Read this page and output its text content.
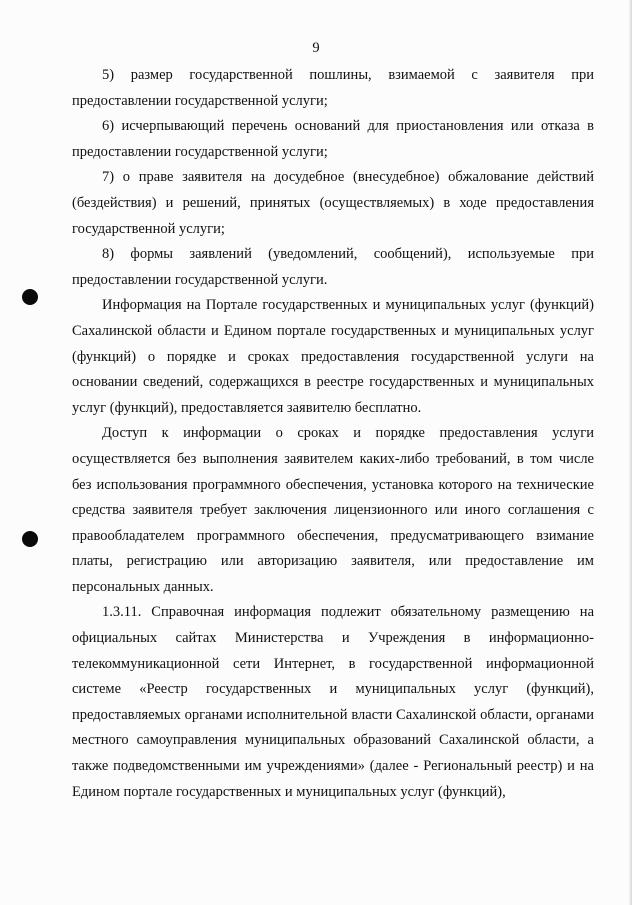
9

5) размер государственной пошлины, взимаемой с заявителя при предоставлении государственной услуги;

6) исчерпывающий перечень оснований для приостановления или отказа в предоставлении государственной услуги;

7) о праве заявителя на досудебное (внесудебное) обжалование действий (бездействия) и решений, принятых (осуществляемых) в ходе предоставления государственной услуги;

8) формы заявлений (уведомлений, сообщений), используемые при предоставлении государственной услуги.

Информация на Портале государственных и муниципальных услуг (функций) Сахалинской области и Едином портале государственных и муниципальных услуг (функций) о порядке и сроках предоставления государственной услуги на основании сведений, содержащихся в реестре государственных и муниципальных услуг (функций), предоставляется заявителю бесплатно.

Доступ к информации о сроках и порядке предоставления услуги осуществляется без выполнения заявителем каких-либо требований, в том числе без использования программного обеспечения, установка которого на технические средства заявителя требует заключения лицензионного или иного соглашения с правообладателем программного обеспечения, предусматривающего взимание платы, регистрацию или авторизацию заявителя, или предоставление им персональных данных.

1.3.11. Справочная информация подлежит обязательному размещению на официальных сайтах Министерства и Учреждения в информационно-телекоммуникационной сети Интернет, в государственной информационной системе «Реестр государственных и муниципальных услуг (функций), предоставляемых органами исполнительной власти Сахалинской области, органами местного самоуправления муниципальных образований Сахалинской области, а также подведомственными им учреждениями» (далее - Региональный реестр) и на Едином портале государственных и муниципальных услуг (функций),
